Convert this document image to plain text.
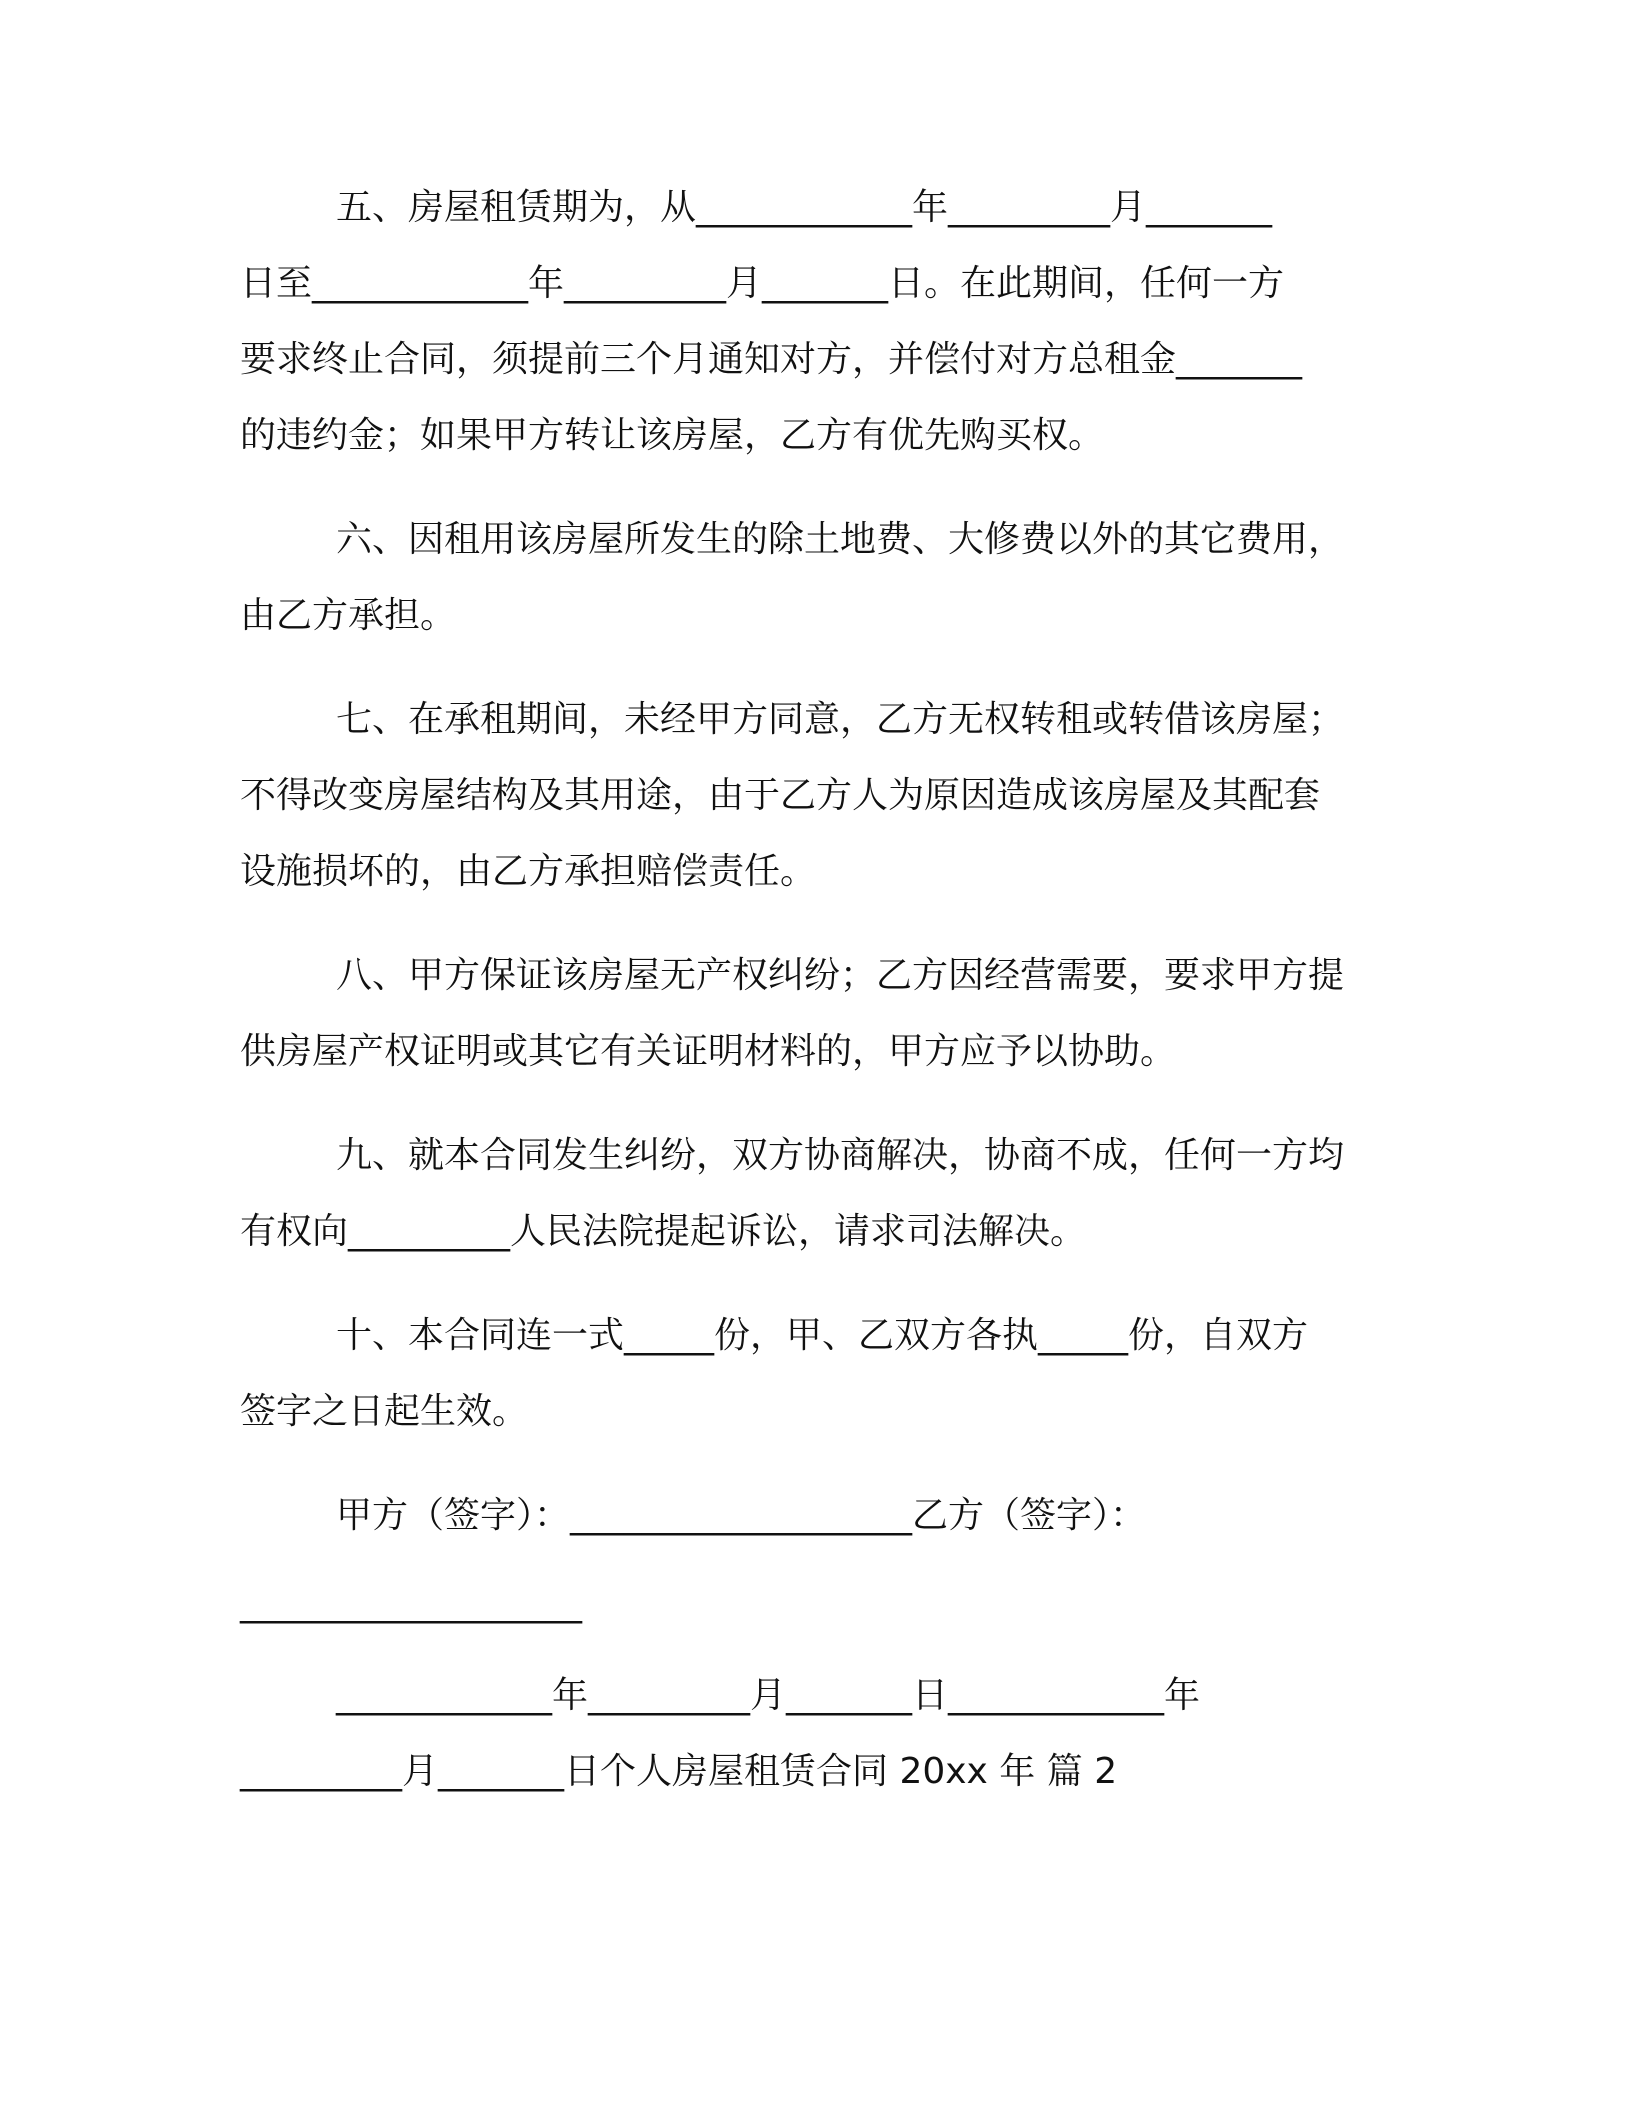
五、房屋租赁期为，从____________年_________月_______
日至____________年_________月_______日。在此期间，任何一方
要求终止合同，须提前三个月通知对方，并偿付对方总租金_______
的违约金；如果甲方转让该房屋，乙方有优先购买权。
六、因租用该房屋所发生的除土地费、大修费以外的其它费用，
由乙方承担。
七、在承租期间，未经甲方同意，乙方无权转租或转借该房屋；
不得改变房屋结构及其用途，由于乙方人为原因造成该房屋及其配套
设施损坏的，由乙方承担赔偿责任。
八、甲方保证该房屋无产权纠纷；乙方因经营需要，要求甲方提
供房屋产权证明或其它有关证明材料的，甲方应予以协助。
九、就本合同发生纠纷，双方协商解决，协商不成，任何一方均
有权向_________人民法院提起诉讼，请求司法解决。
十、本合同连一式_____份，甲、乙双方各执_____份，自双方
签字之日起生效。
甲方（签字）：___________________乙方（签字）：
___________________
____________年_________月_______日____________年
_________月_______日个人房屋租赁合同 20xx 年 篇 2
